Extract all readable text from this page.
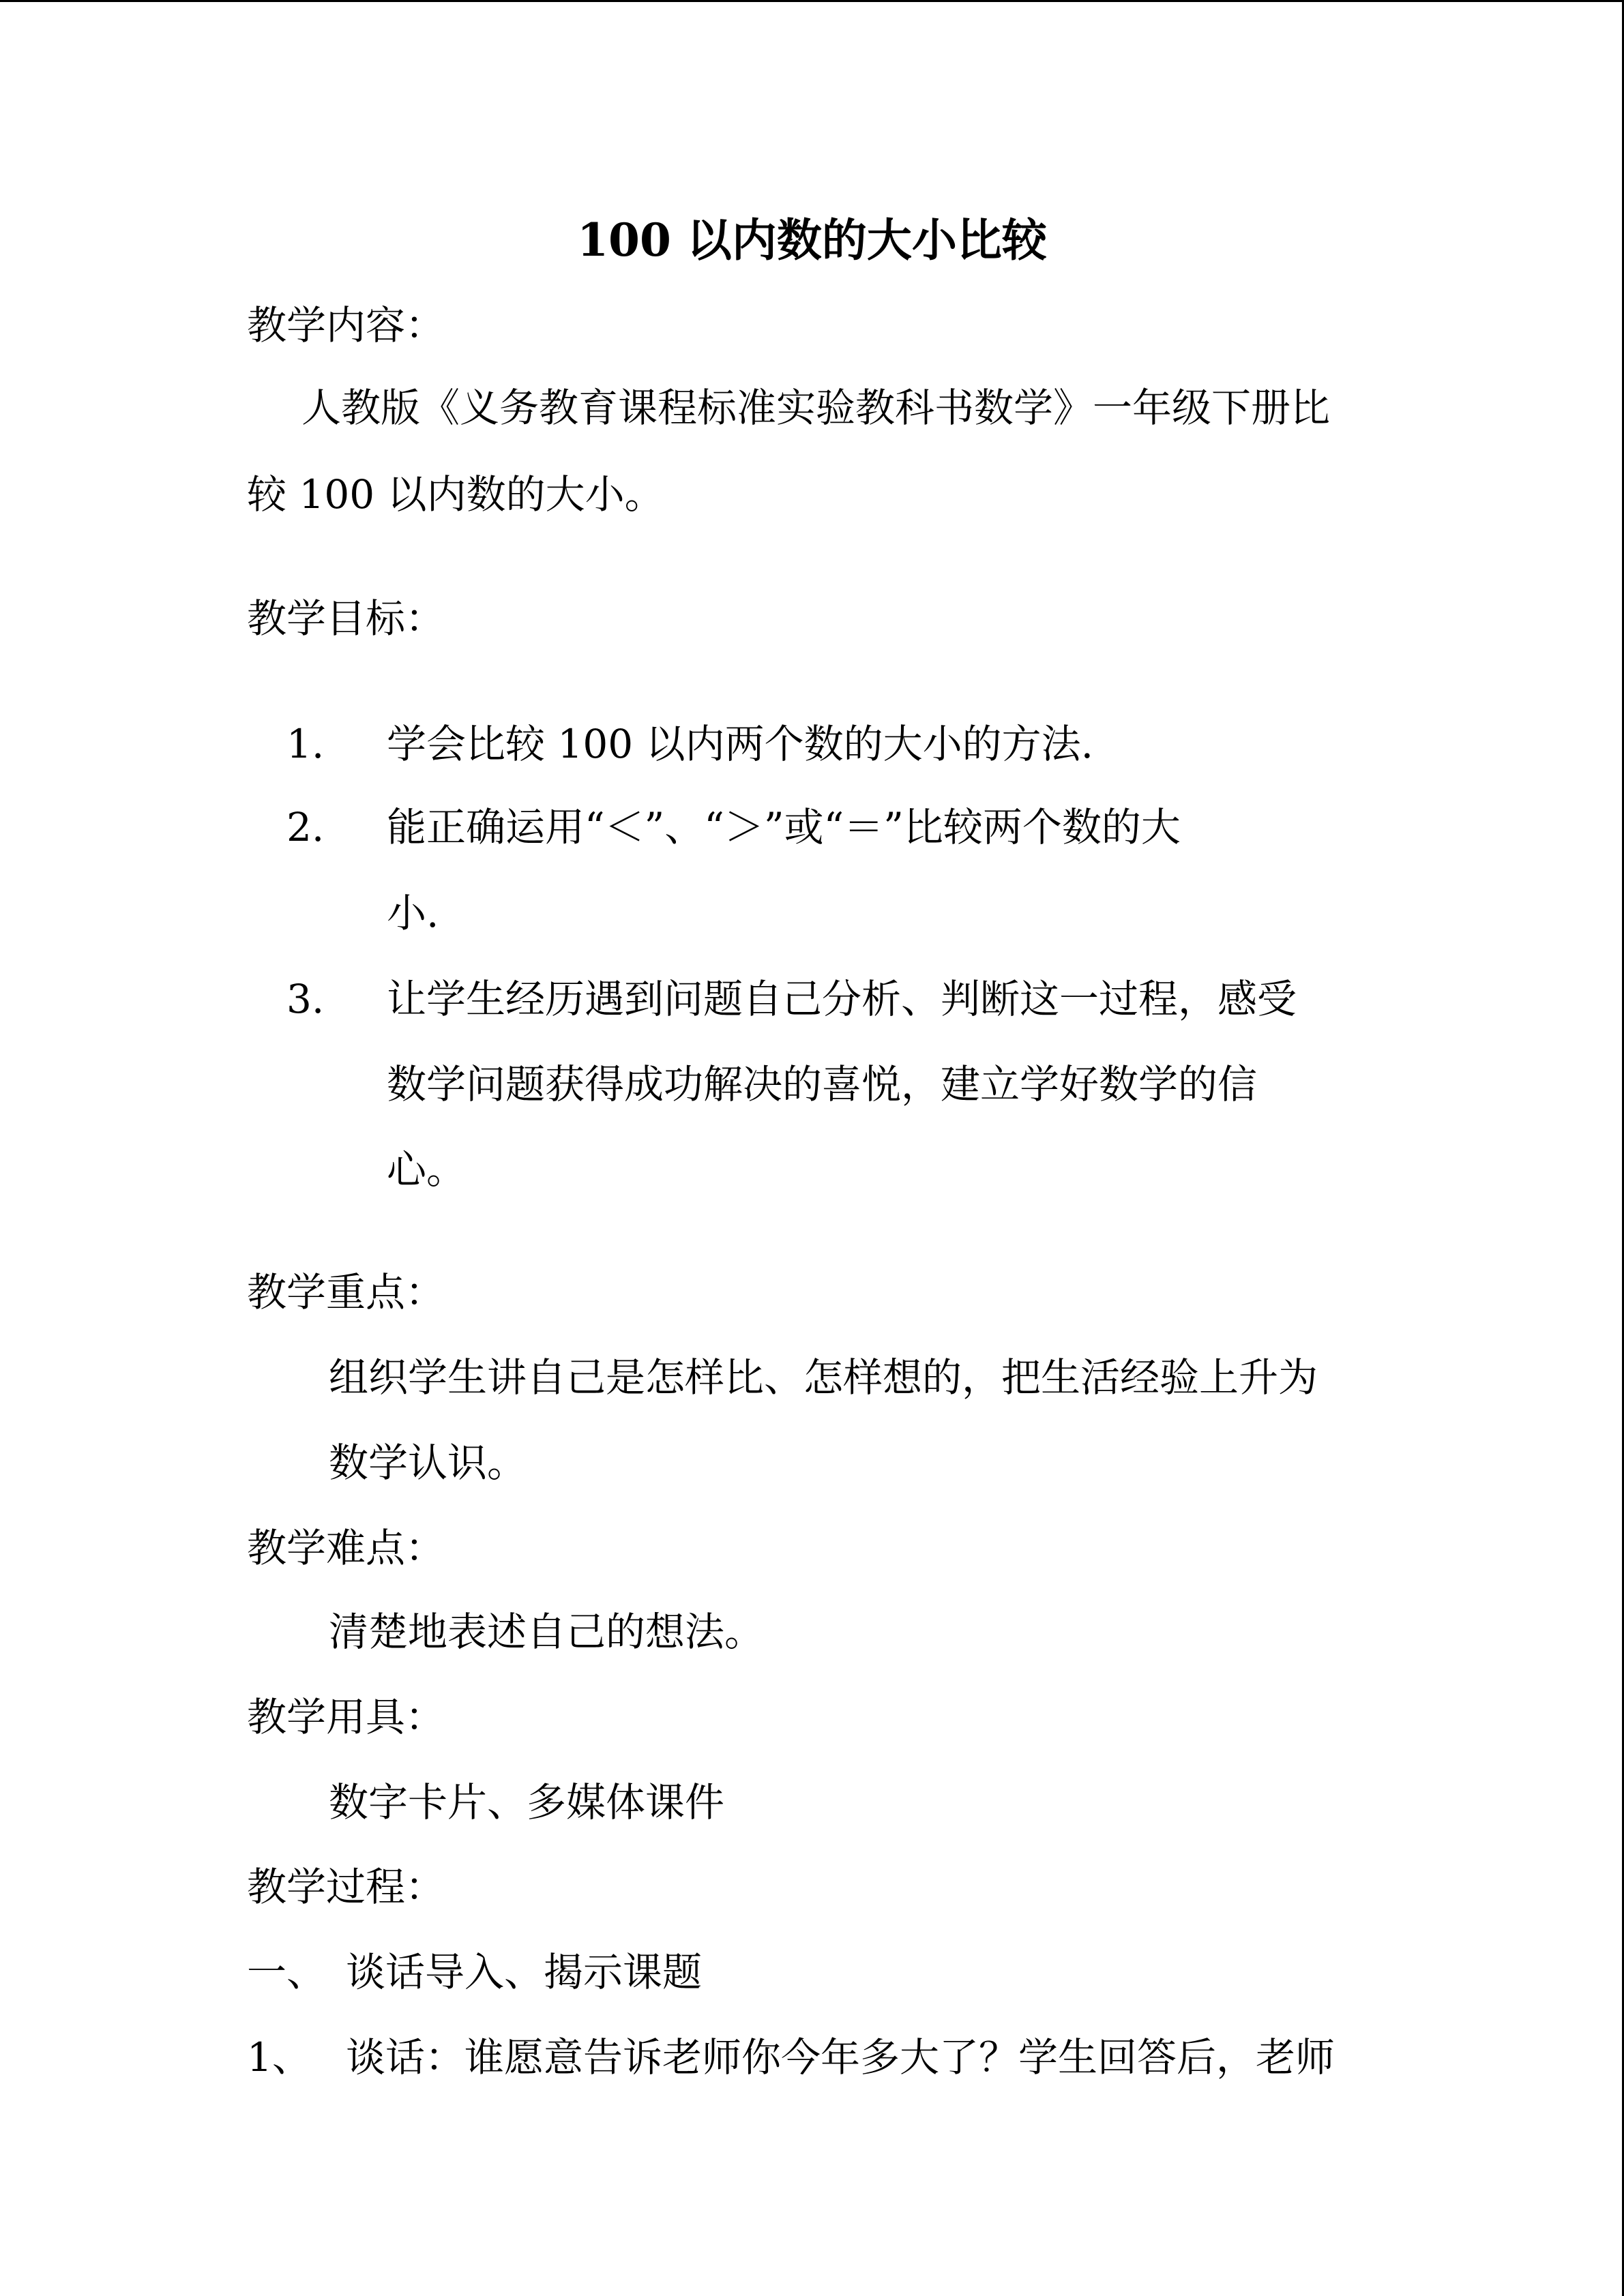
100 以内数的大小比较
教学内容：
人教版《义务教育课程标准实验教科书数学》一年级下册比
较 100 以内数的大小。
教学目标：
1. 学会比较 100 以内两个数的大小的方法.
2. 能正确运用“＜”、“＞”或“＝”比较两个数的大
小.
3. 让学生经历遇到问题自己分析、判断这一过程，感受
数学问题获得成功解决的喜悦，建立学好数学的信
心。
教学重点：
组织学生讲自己是怎样比、怎样想的，把生活经验上升为
数学认识。
教学难点：
清楚地表述自己的想法。
教学用具：
数字卡片、多媒体课件
教学过程：
一、 谈话导入、揭示课题
1、 谈话：谁愿意告诉老师你今年多大了？学生回答后，老师
